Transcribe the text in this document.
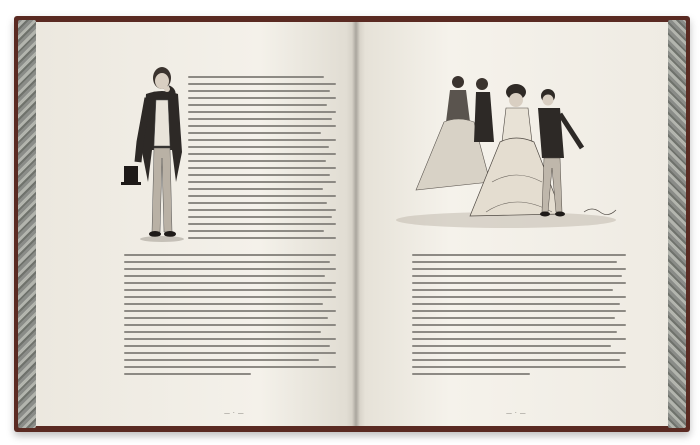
— · —	— · —
